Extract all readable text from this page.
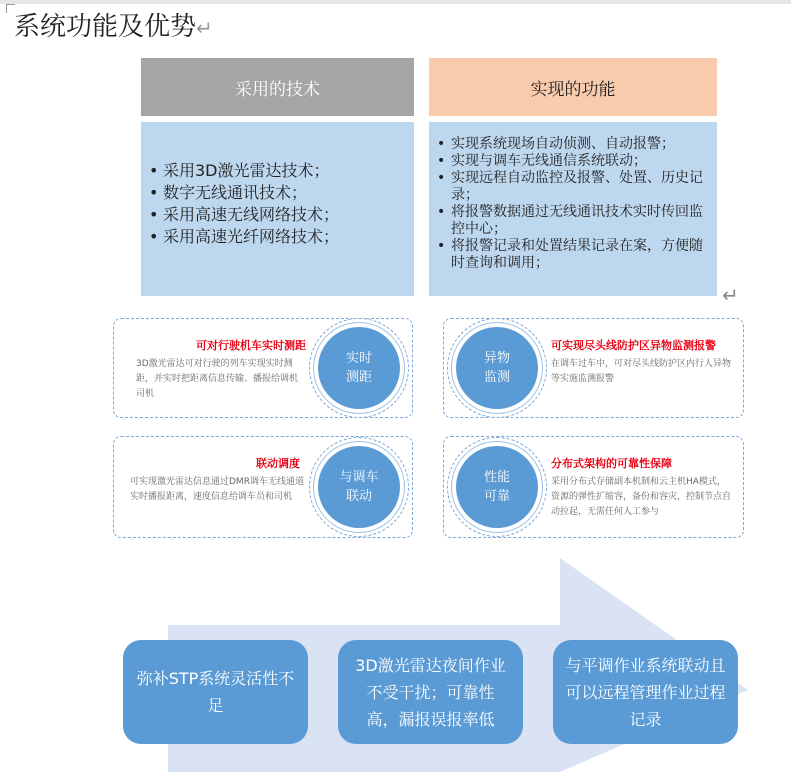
系统功能及优势↵
采用的技术	实现的功能
• 采用3D激光雷达技术；
• 数字无线通讯技术；
• 采用高速无线网络技术；
• 采用高速光纤网络技术；
• 实现系统现场自动侦测、自动报警；
• 实现与调车无线通信系统联动；
• 实现远程自动监控及报警、处置、历史记录；
• 将报警数据通过无线通讯技术实时传回监控中心；
• 将报警记录和处置结果记录在案，方便随时查询和调用；
↵
可对行驶机车实时测距
3D激光雷达可对行驶的列车实现实时测距，并实时把距离信息传输、播报给调机司机
实时
测距
可实现尽头线防护区异物监测报警
在调车过车中，可对尽头线防护区内行人异物等实施监测报警
异物
监测
联动调度
可实现激光雷达信息通过DMR调车无线通道实时播报距离，速度信息给调车员和司机
与调车
联动
分布式架构的可靠性保障
采用分布式存储副本机制和云主机HA模式，资源的弹性扩缩容，备份和容灾，控制节点自动拉起，无需任何人工参与
性能
可靠
弥补STP系统灵活性不足
3D激光雷达夜间作业不受干扰；可靠性高，漏报误报率低
与平调作业系统联动且可以远程管理作业过程记录
